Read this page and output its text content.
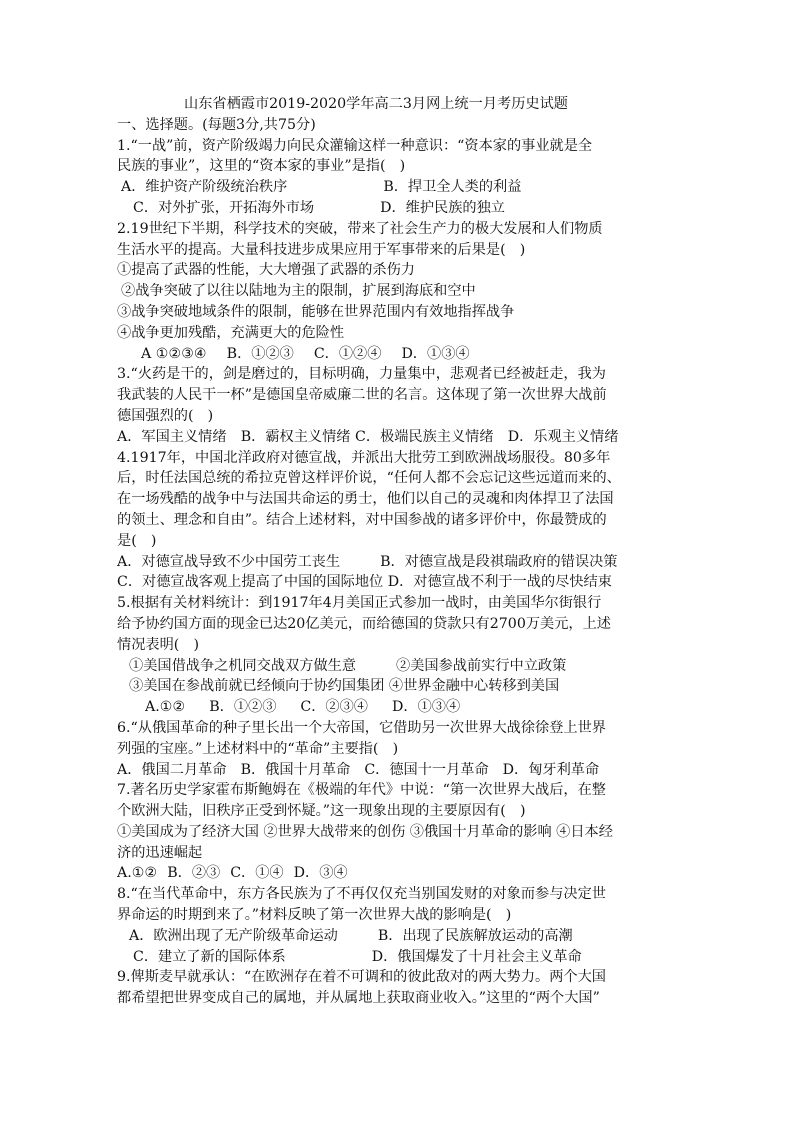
山东省栖霞市2019-2020学年高二3月网上统一月考历史试题
一、选择题。(每题3分,共75分)
1.“一战”前，资产阶级竭力向民众灌输这样一种意识：“资本家的事业就是全
民族的事业”，这里的“资本家的事业”是指(　)
A．维护资产阶级统治秩序	B．捍卫全人类的利益
C．对外扩张，开拓海外市场	D．维护民族的独立
2.19世纪下半期，科学技术的突破，带来了社会生产力的极大发展和人们物质
生活水平的提高。大量科技进步成果应用于军事带来的后果是(　)
①提高了武器的性能，大大增强了武器的杀伤力
②战争突破了以往以陆地为主的限制，扩展到海底和空中
③战争突破地域条件的限制，能够在世界范围内有效地指挥战争
④战争更加残酷，充满更大的危险性
A ①②③④ B．①②③ C．①②④ D．①③④
3.“火药是干的，剑是磨过的，目标明确，力量集中，悲观者已经被赶走，我为
我武装的人民干一杯”是德国皇帝威廉二世的名言。这体现了第一次世界大战前
德国强烈的(　)
A．军国主义情绪　B．霸权主义情绪 C．极端民族主义情绪　D．乐观主义情绪
4.1917年，中国北洋政府对德宣战，并派出大批劳工到欧洲战场服役。80多年
后，时任法国总统的希拉克曾这样评价说，“任何人都不会忘记这些远道而来的、
在一场残酷的战争中与法国共命运的勇士，他们以自己的灵魂和肉体捍卫了法国
的领土、理念和自由”。结合上述材料，对中国参战的诸多评价中，你最赞成的
是(　)
A．对德宣战导致不少中国劳工丧生	B．对德宣战是段祺瑞政府的错误决策
C．对德宣战客观上提高了中国的国际地位 D．对德宣战不利于一战的尽快结束
5.根据有关材料统计：到1917年4月美国正式参加一战时，由美国华尔街银行
给予协约国方面的现金已达20亿美元，而给德国的贷款只有2700万美元，上述
情况表明(　)
①美国借战争之机同交战双方做生意	②美国参战前实行中立政策
③美国在参战前就已经倾向于协约国集团 ④世界金融中心转移到美国
A.①② B．①②③ C．②③④ D．①③④
6.“从俄国革命的种子里长出一个大帝国，它借助另一次世界大战徐徐登上世界
列强的宝座。”上述材料中的“革命”主要指(　)
A．俄国二月革命 B．俄国十月革命 C．德国十一月革命 D．匈牙利革命
7.著名历史学家霍布斯鲍姆在《极端的年代》中说：“第一次世界大战后，在整
个欧洲大陆，旧秩序正受到怀疑。”这一现象出现的主要原因有(　)
①美国成为了经济大国 ②世界大战带来的创伤 ③俄国十月革命的影响 ④日本经
济的迅速崛起
A.①② B．②③ C．①④ D．③④
8.“在当代革命中，东方各民族为了不再仅仅充当别国发财的对象而参与决定世
界命运的时期到来了。”材料反映了第一次世界大战的影响是(　)
A．欧洲出现了无产阶级革命运动	B．出现了民族解放运动的高潮
C．建立了新的国际体系	D．俄国爆发了十月社会主义革命
9.俾斯麦早就承认：“在欧洲存在着不可调和的彼此敌对的两大势力。两个大国
都希望把世界变成自己的属地，并从属地上获取商业收入。”这里的“两个大国”
